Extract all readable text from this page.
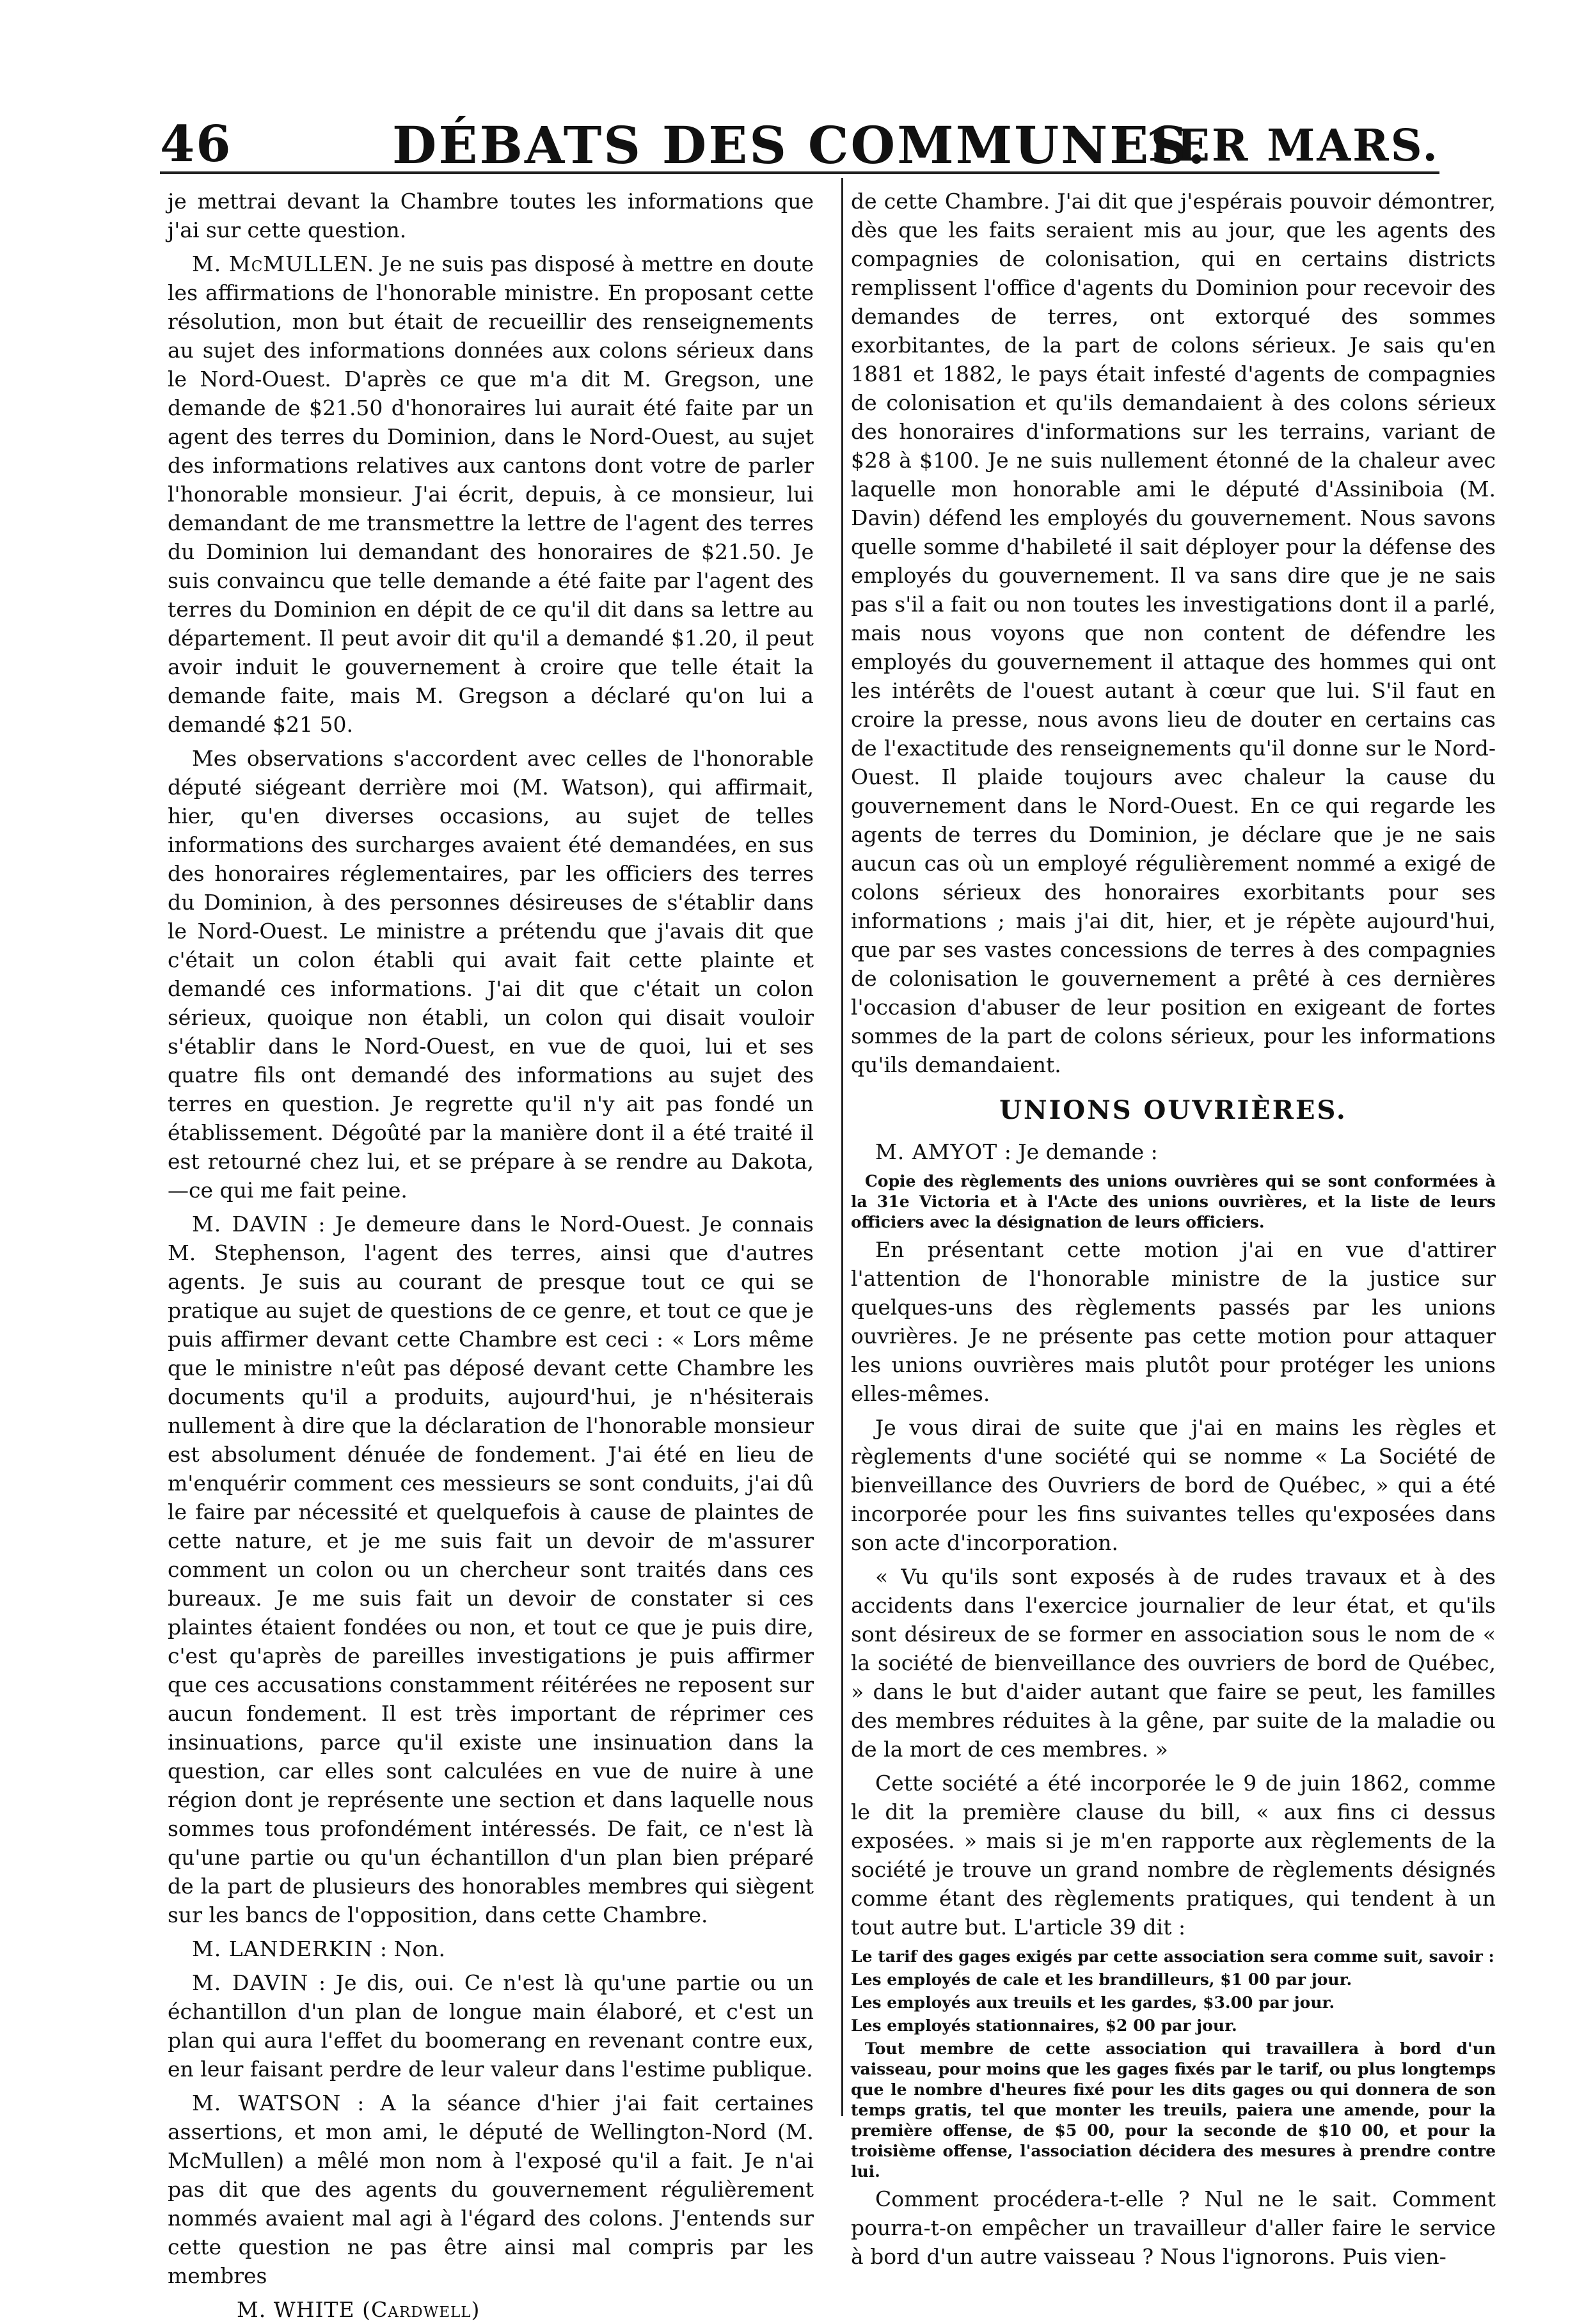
46	DÉBATS DES COMMUNES.
1ER MARS.

je mettrai devant la Chambre toutes les informations que j'ai sur cette question.

M. McMULLEN. Je ne suis pas disposé à mettre en doute les affirmations de l'honorable ministre. En proposant cette résolution, mon but était de recueillir des renseignements au sujet des informations données aux colons sérieux dans le Nord-Ouest. D'après ce que m'a dit M. Gregson, une demande de $21.50 d'honoraires lui aurait été faite par un agent des terres du Dominion, dans le Nord-Ouest, au sujet des informations relatives aux cantons dont votre de parler l'honorable monsieur. J'ai écrit, depuis, à ce monsieur, lui demandant de me transmettre la lettre de l'agent des terres du Dominion lui demandant des honoraires de $21.50. Je suis convaincu que telle demande a été faite par l'agent des terres du Dominion en dépit de ce qu'il dit dans sa lettre au département. Il peut avoir dit qu'il a demandé $1.20, il peut avoir induit le gouvernement à croire que telle était la demande faite, mais M. Gregson a déclaré qu'on lui a demandé $21 50.

Mes observations s'accordent avec celles de l'honorable député siégeant derrière moi (M. Watson), qui affirmait, hier, qu'en diverses occasions, au sujet de telles informations des surcharges avaient été demandées, en sus des honoraires réglementaires, par les officiers des terres du Dominion, à des personnes désireuses de s'établir dans le Nord-Ouest. Le ministre a prétendu que j'avais dit que c'était un colon établi qui avait fait cette plainte et demandé ces informations. J'ai dit que c'était un colon sérieux, quoique non établi, un colon qui disait vouloir s'établir dans le Nord-Ouest, en vue de quoi, lui et ses quatre fils ont demandé des informations au sujet des terres en question. Je regrette qu'il n'y ait pas fondé un établissement. Dégoûté par la manière dont il a été traité il est retourné chez lui, et se prépare à se rendre au Dakota,—ce qui me fait peine.

M. DAVIN : Je demeure dans le Nord-Ouest. Je connais M. Stephenson, l'agent des terres, ainsi que d'autres agents. Je suis au courant de presque tout ce qui se pratique au sujet de questions de ce genre, et tout ce que je puis affirmer devant cette Chambre est ceci : « Lors même que le ministre n'eût pas déposé devant cette Chambre les documents qu'il a produits, aujourd'hui, je n'hésiterais nullement à dire que la déclaration de l'honorable monsieur est absolument dénuée de fondement. J'ai été en lieu de m'enquérir comment ces messieurs se sont conduits, j'ai dû le faire par nécessité et quelquefois à cause de plaintes de cette nature, et je me suis fait un devoir de m'assurer comment un colon ou un chercheur sont traités dans ces bureaux. Je me suis fait un devoir de constater si ces plaintes étaient fondées ou non, et tout ce que je puis dire, c'est qu'après de pareilles investigations je puis affirmer que ces accusations constamment réitérées ne reposent sur aucun fondement. Il est très important de réprimer ces insinuations, parce qu'il existe une insinuation dans la question, car elles sont calculées en vue de nuire à une région dont je représente une section et dans laquelle nous sommes tous profondément intéressés. De fait, ce n'est là qu'une partie ou qu'un échantillon d'un plan bien préparé de la part de plusieurs des honorables membres qui siègent sur les bancs de l'opposition, dans cette Chambre.

M. LANDERKIN : Non.

M. DAVIN : Je dis, oui. Ce n'est là qu'une partie ou un échantillon d'un plan de longue main élaboré, et c'est un plan qui aura l'effet du boomerang en revenant contre eux, en leur faisant perdre de leur valeur dans l'estime publique.

M. WATSON : A la séance d'hier j'ai fait certaines assertions, et mon ami, le député de Wellington-Nord (M. McMullen) a mêlé mon nom à l'exposé qu'il a fait. Je n'ai pas dit que des agents du gouvernement régulièrement nommés avaient mal agi à l'égard des colons. J'entends sur cette question ne pas être ainsi mal compris par les membres

M. WHITE (Cardwell)

de cette Chambre. J'ai dit que j'espérais pouvoir démontrer, dès que les faits seraient mis au jour, que les agents des compagnies de colonisation, qui en certains districts remplissent l'office d'agents du Dominion pour recevoir des demandes de terres, ont extorqué des sommes exorbitantes, de la part de colons sérieux. Je sais qu'en 1881 et 1882, le pays était infesté d'agents de compagnies de colonisation et qu'ils demandaient à des colons sérieux des honoraires d'informations sur les terrains, variant de $28 à $100. Je ne suis nullement étonné de la chaleur avec laquelle mon honorable ami le député d'Assiniboia (M. Davin) défend les employés du gouvernement. Nous savons quelle somme d'habileté il sait déployer pour la défense des employés du gouvernement. Il va sans dire que je ne sais pas s'il a fait ou non toutes les investigations dont il a parlé, mais nous voyons que non content de défendre les employés du gouvernement il attaque des hommes qui ont les intérêts de l'ouest autant à cœur que lui. S'il faut en croire la presse, nous avons lieu de douter en certains cas de l'exactitude des renseignements qu'il donne sur le Nord-Ouest. Il plaide toujours avec chaleur la cause du gouvernement dans le Nord-Ouest. En ce qui regarde les agents de terres du Dominion, je déclare que je ne sais aucun cas où un employé régulièrement nommé a exigé de colons sérieux des honoraires exorbitants pour ses informations ; mais j'ai dit, hier, et je répète aujourd'hui, que par ses vastes concessions de terres à des compagnies de colonisation le gouvernement a prêté à ces dernières l'occasion d'abuser de leur position en exigeant de fortes sommes de la part de colons sérieux, pour les informations qu'ils demandaient.

UNIONS OUVRIÈRES.

M. AMYOT : Je demande :

Copie des règlements des unions ouvrières qui se sont conformées à la 31e Victoria et à l'Acte des unions ouvrières, et la liste de leurs officiers avec la désignation de leurs officiers.

En présentant cette motion j'ai en vue d'attirer l'attention de l'honorable ministre de la justice sur quelques-uns des règlements passés par les unions ouvrières. Je ne présente pas cette motion pour attaquer les unions ouvrières mais plutôt pour protéger les unions elles-mêmes.

Je vous dirai de suite que j'ai en mains les règles et règlements d'une société qui se nomme « La Société de bienveillance des Ouvriers de bord de Québec, » qui a été incorporée pour les fins suivantes telles qu'exposées dans son acte d'incorporation.

« Vu qu'ils sont exposés à de rudes travaux et à des accidents dans l'exercice journalier de leur état, et qu'ils sont désireux de se former en association sous le nom de « la société de bienveillance des ouvriers de bord de Québec, » dans le but d'aider autant que faire se peut, les familles des membres réduites à la gêne, par suite de la maladie ou de la mort de ces membres. »

Cette société a été incorporée le 9 de juin 1862, comme le dit la première clause du bill, « aux fins ci dessus exposées. » mais si je m'en rapporte aux règlements de la société je trouve un grand nombre de règlements désignés comme étant des règlements pratiques, qui tendent à un tout autre but. L'article 39 dit :

Le tarif des gages exigés par cette association sera comme suit, savoir :

Les employés de cale et les brandilleurs, $1 00 par jour.

Les employés aux treuils et les gardes, $3.00 par jour.

Les employés stationnaires, $2 00 par jour.

Tout membre de cette association qui travaillera à bord d'un vaisseau, pour moins que les gages fixés par le tarif, ou plus longtemps que le nombre d'heures fixé pour les dits gages ou qui donnera de son temps gratis, tel que monter les treuils, paiera une amende, pour la première offense, de $5 00, pour la seconde de $10 00, et pour la troisième offense, l'association décidera des mesures à prendre contre lui.

Comment procédera-t-elle ? Nul ne le sait. Comment pourra-t-on empêcher un travailleur d'aller faire le service à bord d'un autre vaisseau ? Nous l'ignorons. Puis vien-
